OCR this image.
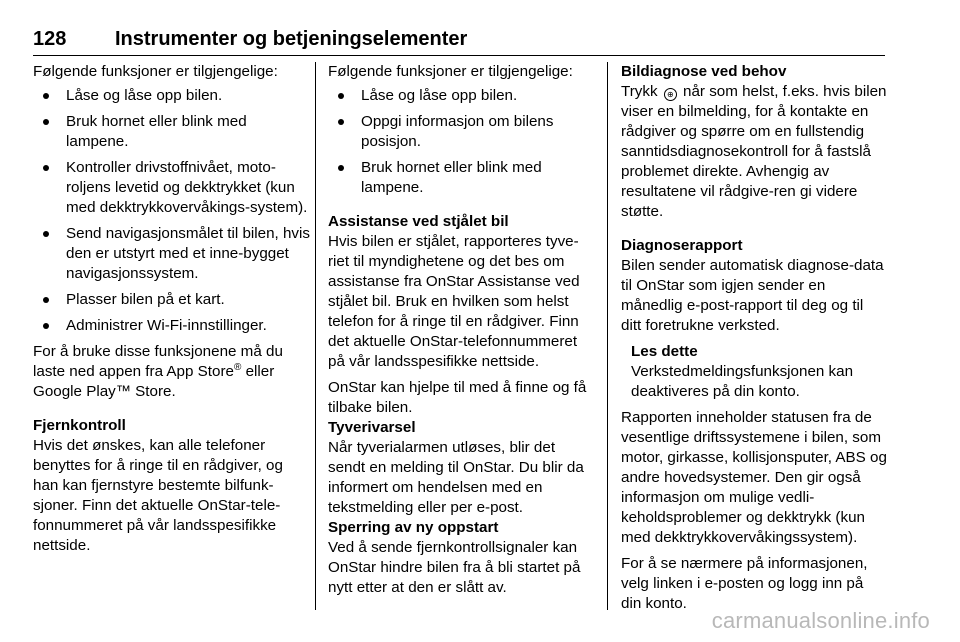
128	Instrumenter og betjeningselementer

Følgende funksjoner er tilgjengelige:

Låse og låse opp bilen.
Bruk hornet eller blink med lampene.
Kontroller drivstoffnivået, moto-roljens levetid og dekktrykket (kun med dekktrykkovervåkings-system).
Send navigasjonsmålet til bilen, hvis den er utstyrt med et inne-bygget navigasjonssystem.
Plasser bilen på et kart.
Administrer Wi-Fi-innstillinger.

For å bruke disse funksjonene må du laste ned appen fra App Store® eller Google Play™ Store.

Fjernkontroll

Hvis det ønskes, kan alle telefoner benyttes for å ringe til en rådgiver, og han kan fjernstyre bestemte bilfunk-sjoner. Finn det aktuelle OnStar-tele-fonnummeret på vår landsspesifikke nettside.

Følgende funksjoner er tilgjengelige:

Låse og låse opp bilen.
Oppgi informasjon om bilens posisjon.
Bruk hornet eller blink med lampene.
Assistanse ved stjålet bil

Hvis bilen er stjålet, rapporteres tyve-riet til myndighetene og det bes om assistanse fra OnStar Assistanse ved stjålet bil. Bruk en hvilken som helst telefon for å ringe til en rådgiver. Finn det aktuelle OnStar-telefonnummeret på vår landsspesifikke nettside.

OnStar kan hjelpe til med å finne og få tilbake bilen.

Tyverivarsel

Når tyverialarmen utløses, blir det sendt en melding til OnStar. Du blir da informert om hendelsen med en tekstmelding eller per e-post.

Sperring av ny oppstart

Ved å sende fjernkontrollsignaler kan OnStar hindre bilen fra å bli startet på nytt etter at den er slått av.

Bildiagnose ved behov

Trykk ⊕ når som helst, f.eks. hvis bilen viser en bilmelding, for å kontakte en rådgiver og spørre om en fullstendig sanntidsdiagnosekontroll for å fastslå problemet direkte. Avhengig av resultatene vil rådgive-ren gi videre støtte.

Diagnoserapport

Bilen sender automatisk diagnose-data til OnStar som igjen sender en månedlig e-post-rapport til deg og til ditt foretrukne verksted.

Les dette
Verkstedmeldingsfunksjonen kan deaktiveres på din konto.

Rapporten inneholder statusen fra de vesentlige driftssystemene i bilen, som motor, girkasse, kollisjonsputer, ABS og andre hovedsystemer. Den gir også informasjon om mulige vedli-keholdsproblemer og dekktrykk (kun med dekktrykkovervåkingssystem).

For å se nærmere på informasjonen, velg linken i e-posten og logg inn på din konto.

carmanualsonline.info
